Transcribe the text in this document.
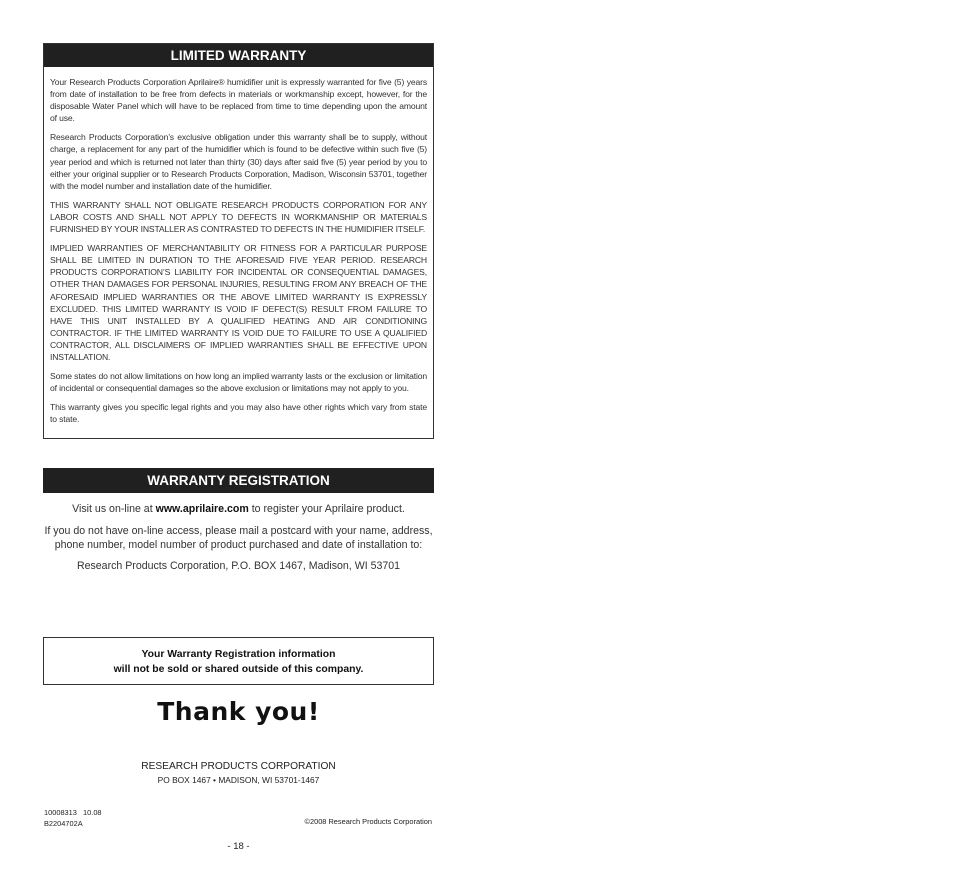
LIMITED WARRANTY

Your Research Products Corporation Aprilaire® humidifier unit is expressly warranted for five (5) years from date of installation to be free from defects in materials or workmanship except, however, for the disposable Water Panel which will have to be replaced from time to time depending upon the amount of use.

Research Products Corporation’s exclusive obligation under this warranty shall be to supply, without charge, a replacement for any part of the humidifier which is found to be defective within such five (5) year period and which is returned not later than thirty (30) days after said five (5) year period by you to either your original supplier or to Research Products Corporation, Madison, Wisconsin 53701, together with the model number and installation date of the humidifier.

THIS WARRANTY SHALL NOT OBLIGATE RESEARCH PRODUCTS CORPORATION FOR ANY LABOR COSTS AND SHALL NOT APPLY TO DEFECTS IN WORKMANSHIP OR MATERIALS FURNISHED BY YOUR INSTALLER AS CONTRASTED TO DEFECTS IN THE HUMIDIFIER ITSELF.

IMPLIED WARRANTIES OF MERCHANTABILITY OR FITNESS FOR A PARTICULAR PURPOSE SHALL BE LIMITED IN DURATION TO THE AFORESAID FIVE YEAR PERIOD. RESEARCH PRODUCTS CORPORATION’S LIABILITY FOR INCIDENTAL OR CONSEQUENTIAL DAMAGES, OTHER THAN DAMAGES FOR PERSONAL INJURIES, RESULTING FROM ANY BREACH OF THE AFORESAID IMPLIED WARRANTIES OR THE ABOVE LIMITED WARRANTY IS EXPRESSLY EXCLUDED. THIS LIMITED WARRANTY IS VOID IF DEFECT(S) RESULT FROM FAILURE TO HAVE THIS UNIT INSTALLED BY A QUALIFIED HEATING AND AIR CONDITIONING CONTRACTOR. IF THE LIMITED WARRANTY IS VOID DUE TO FAILURE TO USE A QUALIFIED CONTRACTOR, ALL DISCLAIMERS OF IMPLIED WARRANTIES SHALL BE EFFECTIVE UPON INSTALLATION.

Some states do not allow limitations on how long an implied warranty lasts or the exclusion or limitation of incidental or consequential damages so the above exclusion or limitations may not apply to you.

This warranty gives you specific legal rights and you may also have other rights which vary from state to state.

WARRANTY REGISTRATION
Visit us on-line at www.aprilaire.com to register your Aprilaire product.
If you do not have on-line access, please mail a postcard with your name, address, phone number, model number of product purchased and date of installation to:
Research Products Corporation, P.O. BOX 1467, Madison, WI 53701
Your Warranty Registration information
will not be sold or shared outside of this company.
Thank you!
RESEARCH PRODUCTS CORPORATION
PO BOX 1467 • MADISON, WI 53701-1467
10008313   10.08
B2204702A	©2008 Research Products Corporation
- 18 -
